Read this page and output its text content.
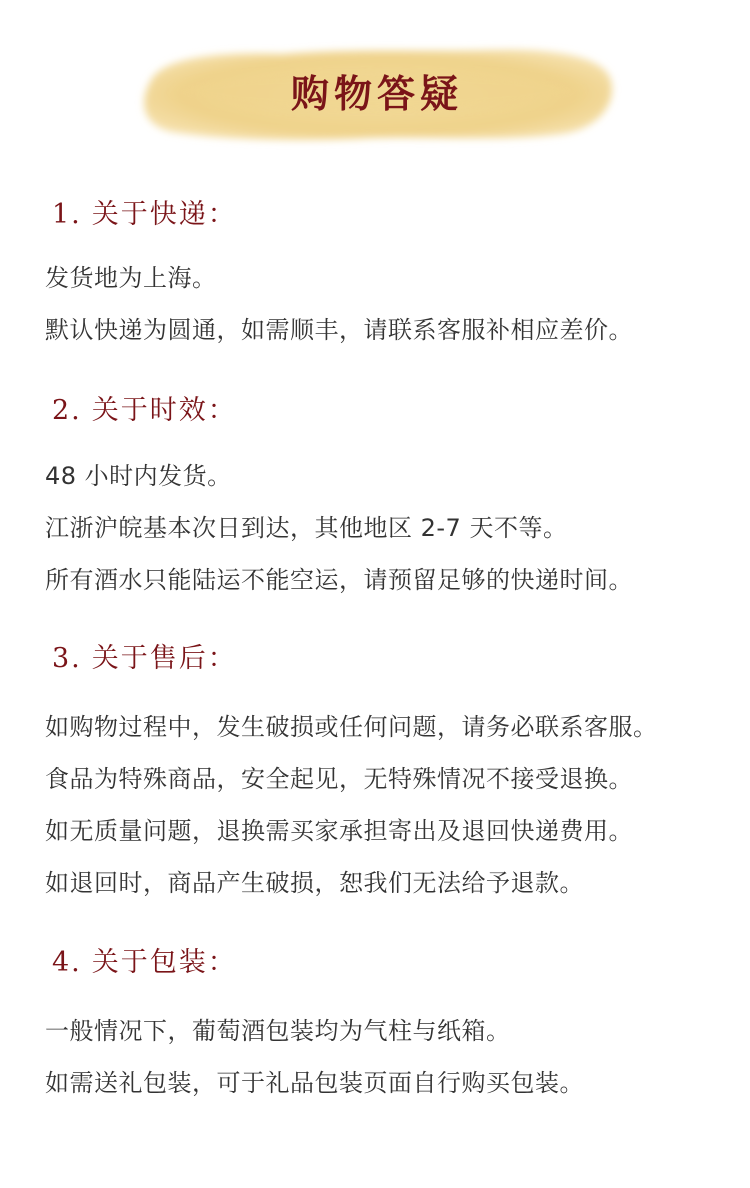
购物答疑
1. 关于快递：
发货地为上海。
默认快递为圆通，如需顺丰，请联系客服补相应差价。
2. 关于时效：
48 小时内发货。
江浙沪皖基本次日到达，其他地区 2-7 天不等。
所有酒水只能陆运不能空运，请预留足够的快递时间。
3. 关于售后：
如购物过程中，发生破损或任何问题，请务必联系客服。
食品为特殊商品，安全起见，无特殊情况不接受退换。
如无质量问题，退换需买家承担寄出及退回快递费用。
如退回时，商品产生破损，恕我们无法给予退款。
4. 关于包装：
一般情况下，葡萄酒包装均为气柱与纸箱。
如需送礼包装，可于礼品包装页面自行购买包装。
